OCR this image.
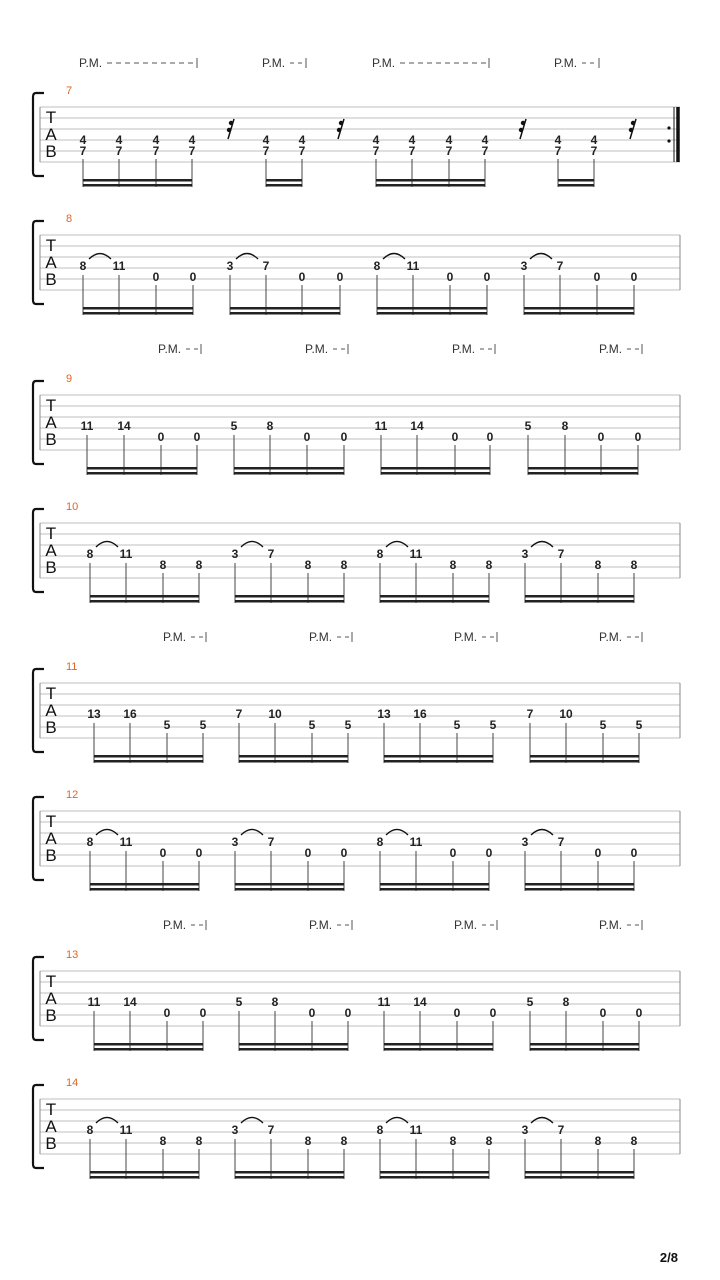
T
A
B
7
4
7
4
7
4
7
4
7
4
7
4
7
4
7
4
7
4
7
4
7
4
7
4
7
P.M.	P.M.	P.M.	P.M.
T
A
B
8
8 11
0	0
3 7
0	0
8 11
0	0
3 7
0	0
T
A
B
9
11 14
0 0
5 8
0	0
11 14
0 0
5	8
0	0
P.M.	P.M.	P.M.	P.M.
T
A
B
10
8 11
8 8
3 7
8 8
8 11
8 8
3 7
8 8
T
A
B
11
13 16
5 5
7 10
5 5
13 16
5 5
7 10
5 5
P.M.	P.M.	P.M.	P.M.
T
A
B
12
8 11
0 0
3 7
0 0
8 11
0 0
3 7
0 0
T
A
B
13
11 14
0 0
5 8
0 0
11 14
0 0
5 8
0 0
P.M.	P.M.	P.M.	P.M.
T
A
B
14
8 11
8 8
3 7
8 8
8 11
8 8
3 7
8 8
2/8
